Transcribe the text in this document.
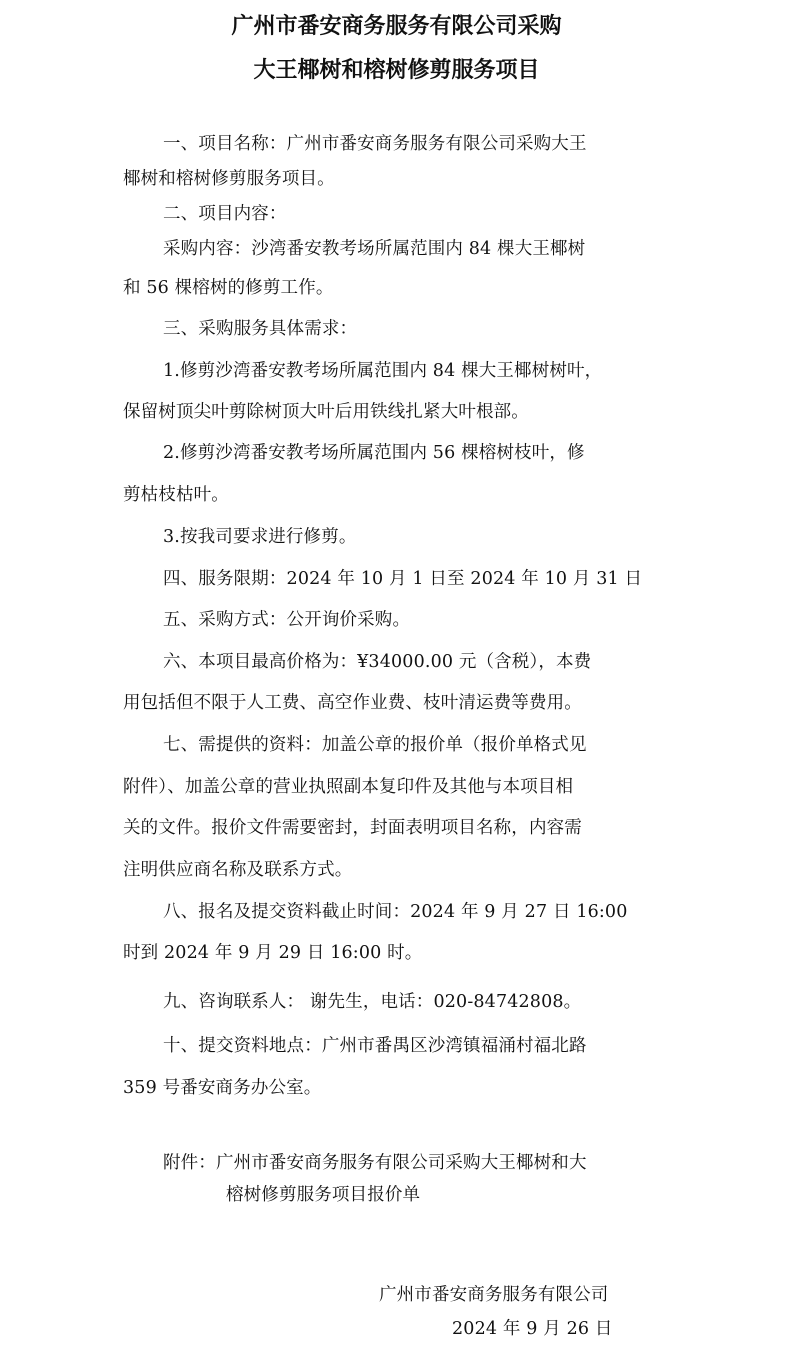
广州市番安商务服务有限公司采购
大王椰树和榕树修剪服务项目
一、项目名称：广州市番安商务服务有限公司采购大王
椰树和榕树修剪服务项目。
二、项目内容：
采购内容：沙湾番安教考场所属范围内 84 棵大王椰树
和 56 棵榕树的修剪工作。
三、采购服务具体需求：
1.修剪沙湾番安教考场所属范围内 84 棵大王椰树树叶，
保留树顶尖叶剪除树顶大叶后用铁线扎紧大叶根部。
2.修剪沙湾番安教考场所属范围内 56 棵榕树枝叶，修
剪枯枝枯叶。
3.按我司要求进行修剪。
四、服务限期：2024 年 10 月 1 日至 2024 年 10 月 31 日
五、采购方式：公开询价采购。
六、本项目最高价格为：¥34000.00 元（含税），本费
用包括但不限于人工费、高空作业费、枝叶清运费等费用。
七、需提供的资料：加盖公章的报价单（报价单格式见
附件）、加盖公章的营业执照副本复印件及其他与本项目相
关的文件。报价文件需要密封，封面表明项目名称，内容需
注明供应商名称及联系方式。
八、报名及提交资料截止时间：2024 年 9 月 27 日 16:00
时到 2024 年 9 月 29 日 16:00 时。
九、咨询联系人： 谢先生，电话：020-84742808。
十、提交资料地点：广州市番禺区沙湾镇福涌村福北路
359 号番安商务办公室。
附件：广州市番安商务服务有限公司采购大王椰树和大
榕树修剪服务项目报价单
广州市番安商务服务有限公司
2024 年 9 月 26 日
